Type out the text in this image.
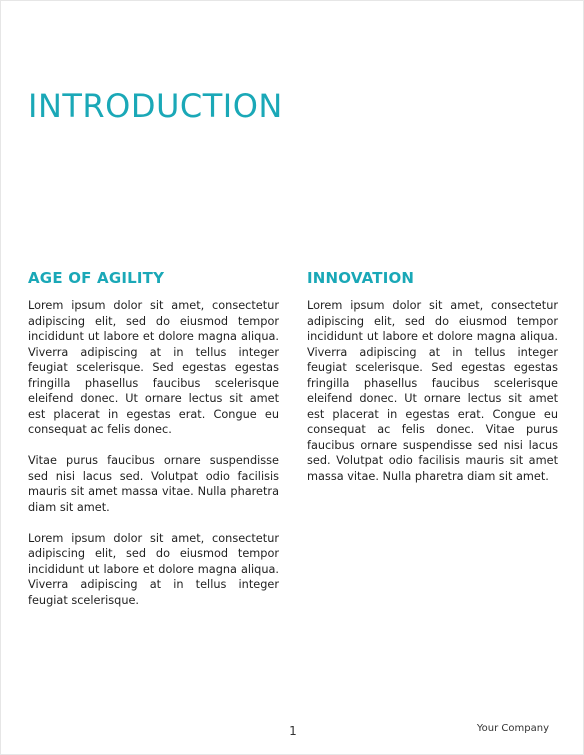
INTRODUCTION
AGE OF AGILITY

Lorem ipsum dolor sit amet, consectetur adipiscing elit, sed do eiusmod tempor incididunt ut labore et dolore magna aliqua. Viverra adipiscing at in tellus integer feugiat scelerisque. Sed egestas egestas fringilla phasellus faucibus scelerisque eleifend donec. Ut ornare lectus sit amet est placerat in egestas erat. Congue eu consequat ac felis donec.

Vitae purus faucibus ornare suspendisse sed nisi lacus sed. Volutpat odio facilisis mauris sit amet massa vitae. Nulla pharetra diam sit amet.

Lorem ipsum dolor sit amet, consectetur adipiscing elit, sed do eiusmod tempor incididunt ut labore et dolore magna aliqua. Viverra adipiscing at in tellus integer feugiat scelerisque.

INNOVATION

Lorem ipsum dolor sit amet, consectetur adipiscing elit, sed do eiusmod tempor incididunt ut labore et dolore magna aliqua. Viverra adipiscing at in tellus integer feugiat scelerisque. Sed egestas egestas fringilla phasellus faucibus scelerisque eleifend donec. Ut ornare lectus sit amet est placerat in egestas erat. Congue eu consequat ac felis donec. Vitae purus faucibus ornare suspendisse sed nisi lacus sed. Volutpat odio facilisis mauris sit amet massa vitae. Nulla pharetra diam sit amet.

1	Your Company
